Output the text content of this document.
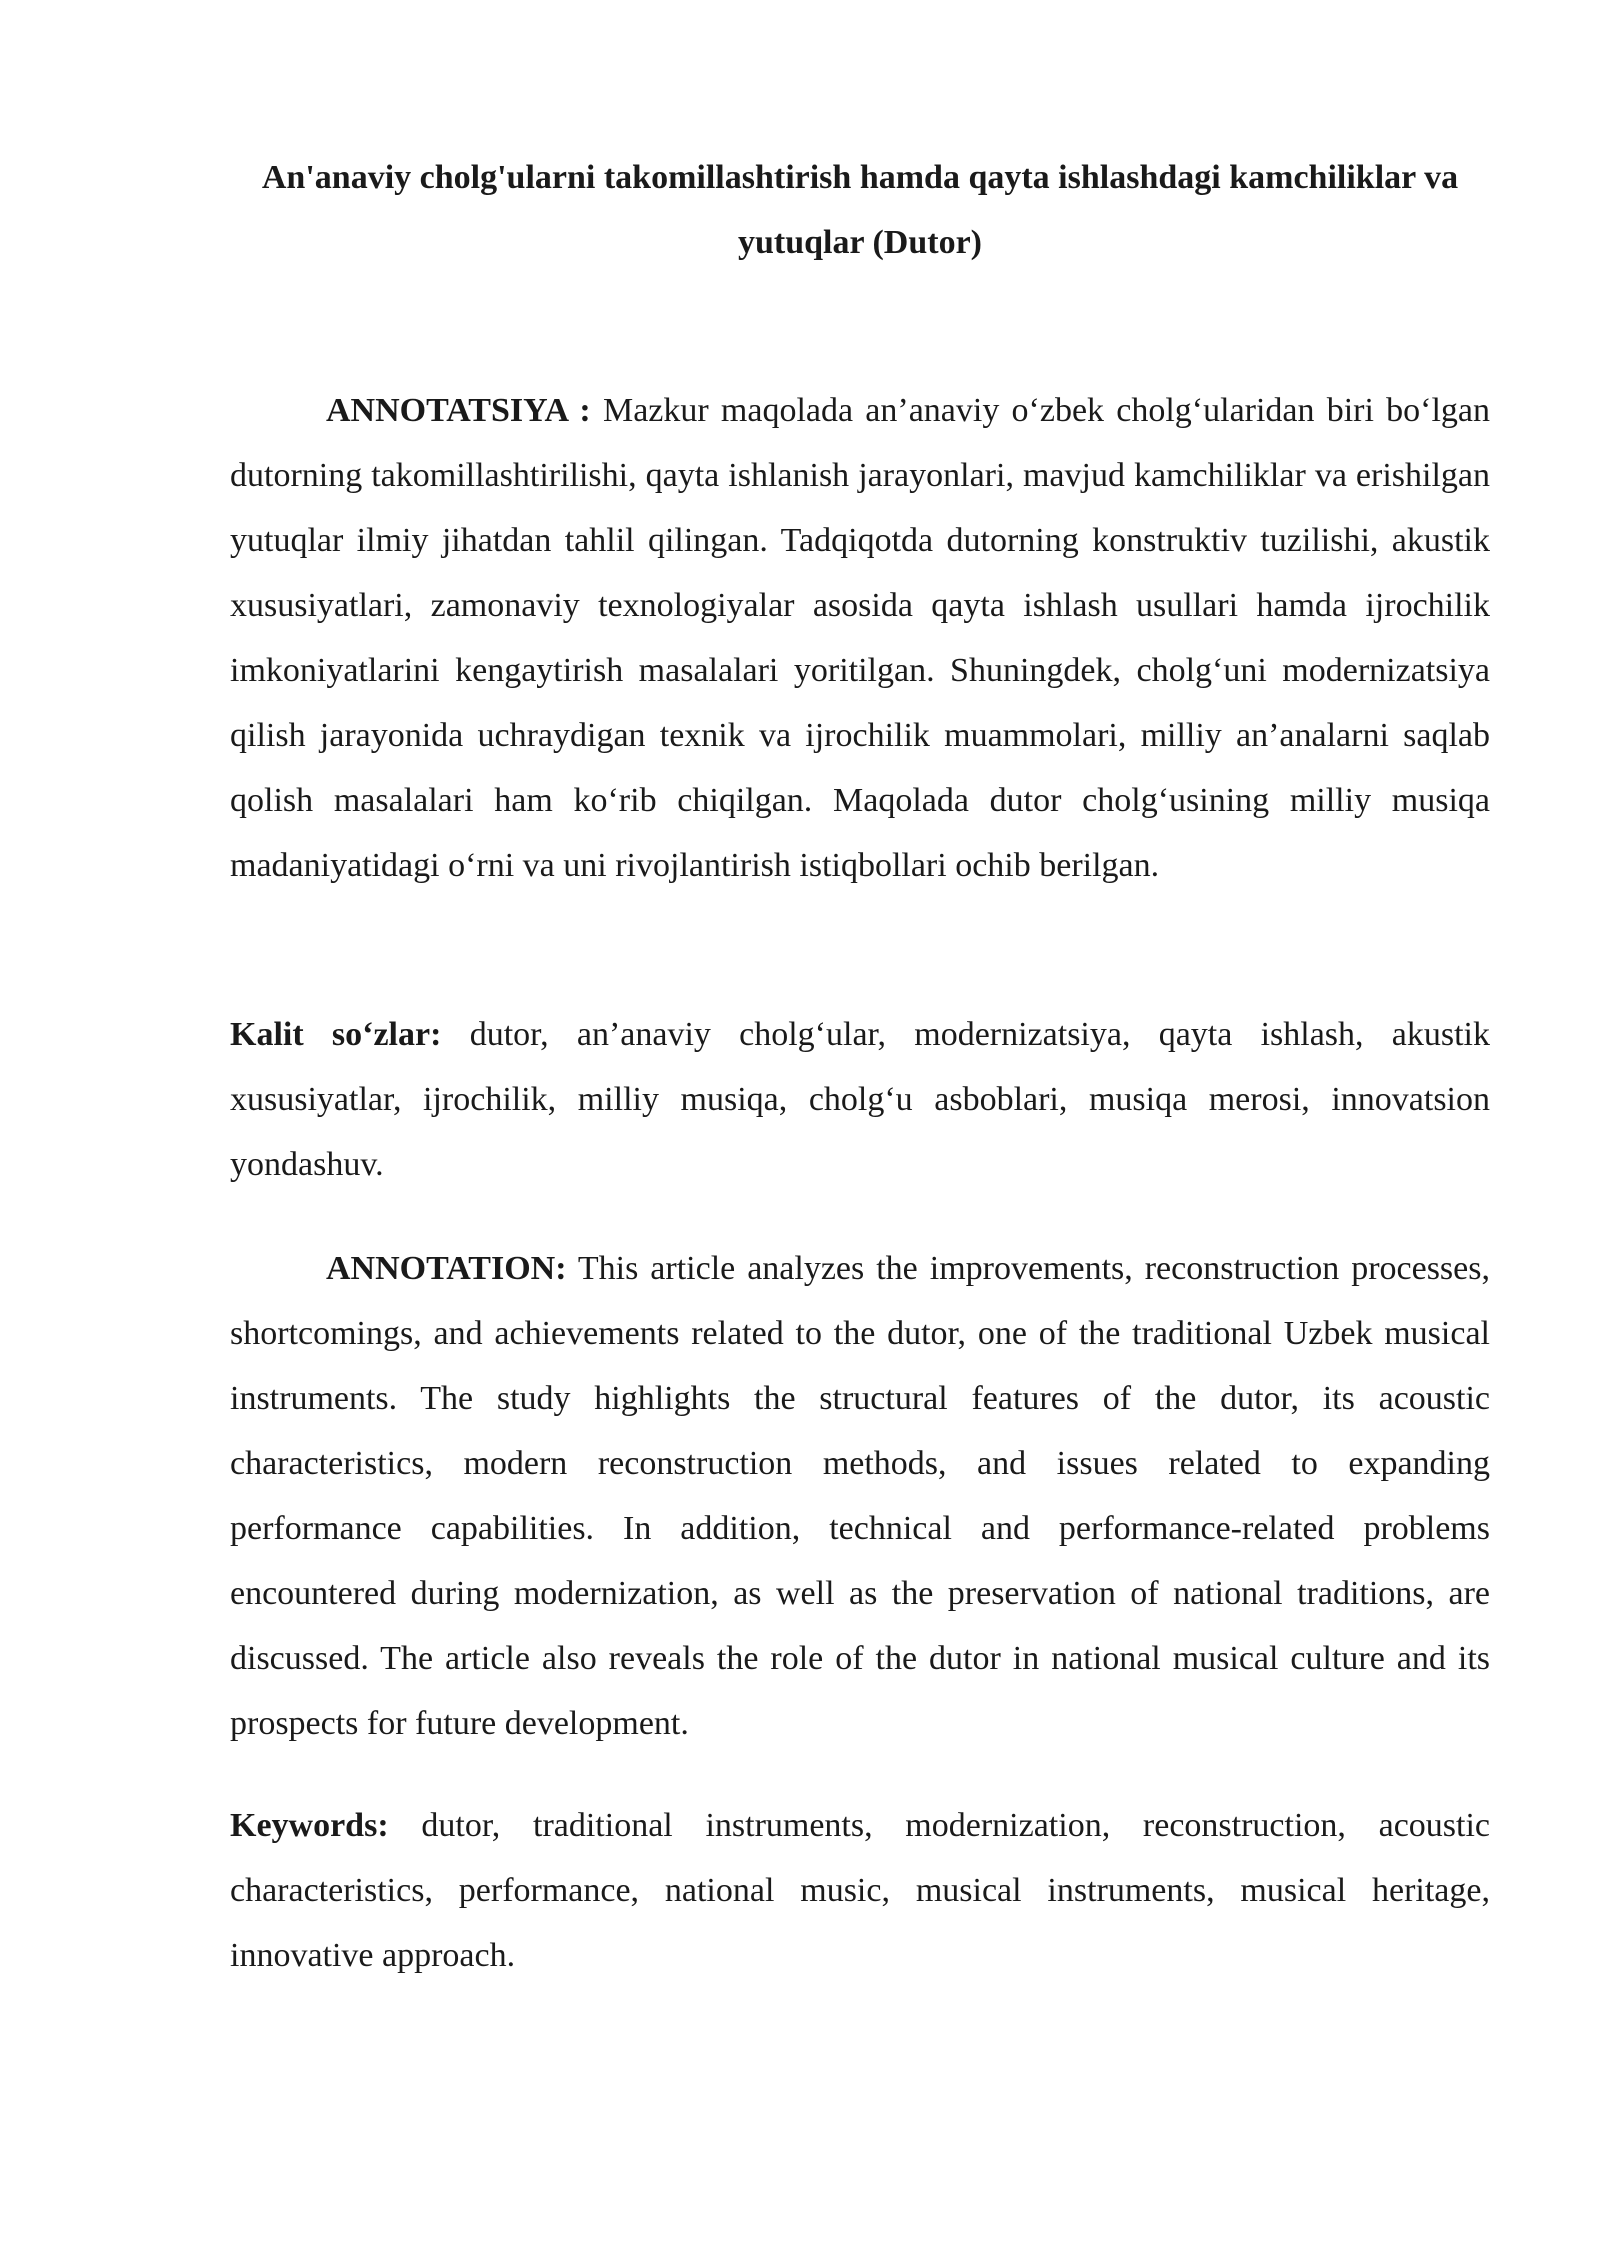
An'anaviy cholg'ularni takomillashtirish hamda qayta ishlashdagi kamchiliklar va yutuqlar (Dutor)

ANNOTATSIYA : Mazkur maqolada an’anaviy o‘zbek cholg‘ularidan biri bo‘lgan dutorning takomillashtirilishi, qayta ishlanish jarayonlari, mavjud kamchiliklar va erishilgan yutuqlar ilmiy jihatdan tahlil qilingan. Tadqiqotda dutorning konstruktiv tuzilishi, akustik xususiyatlari, zamonaviy texnologiyalar asosida qayta ishlash usullari hamda ijrochilik imkoniyatlarini kengaytirish masalalari yoritilgan. Shuningdek, cholg‘uni modernizatsiya qilish jarayonida uchraydigan texnik va ijrochilik muammolari, milliy an’analarni saqlab qolish masalalari ham ko‘rib chiqilgan. Maqolada dutor cholg‘usining milliy musiqa madaniyatidagi o‘rni va uni rivojlantirish istiqbollari ochib berilgan.

Kalit so‘zlar: dutor, an’anaviy cholg‘ular, modernizatsiya, qayta ishlash, akustik xususiyatlar, ijrochilik, milliy musiqa, cholg‘u asboblari, musiqa merosi, innovatsion yondashuv.

ANNOTATION: This article analyzes the improvements, reconstruction processes, shortcomings, and achievements related to the dutor, one of the traditional Uzbek musical instruments. The study highlights the structural features of the dutor, its acoustic characteristics, modern reconstruction methods, and issues related to expanding performance capabilities. In addition, technical and performance-related problems encountered during modernization, as well as the preservation of national traditions, are discussed. The article also reveals the role of the dutor in national musical culture and its prospects for future development.

Keywords: dutor, traditional instruments, modernization, reconstruction, acoustic characteristics, performance, national music, musical instruments, musical heritage, innovative approach.
